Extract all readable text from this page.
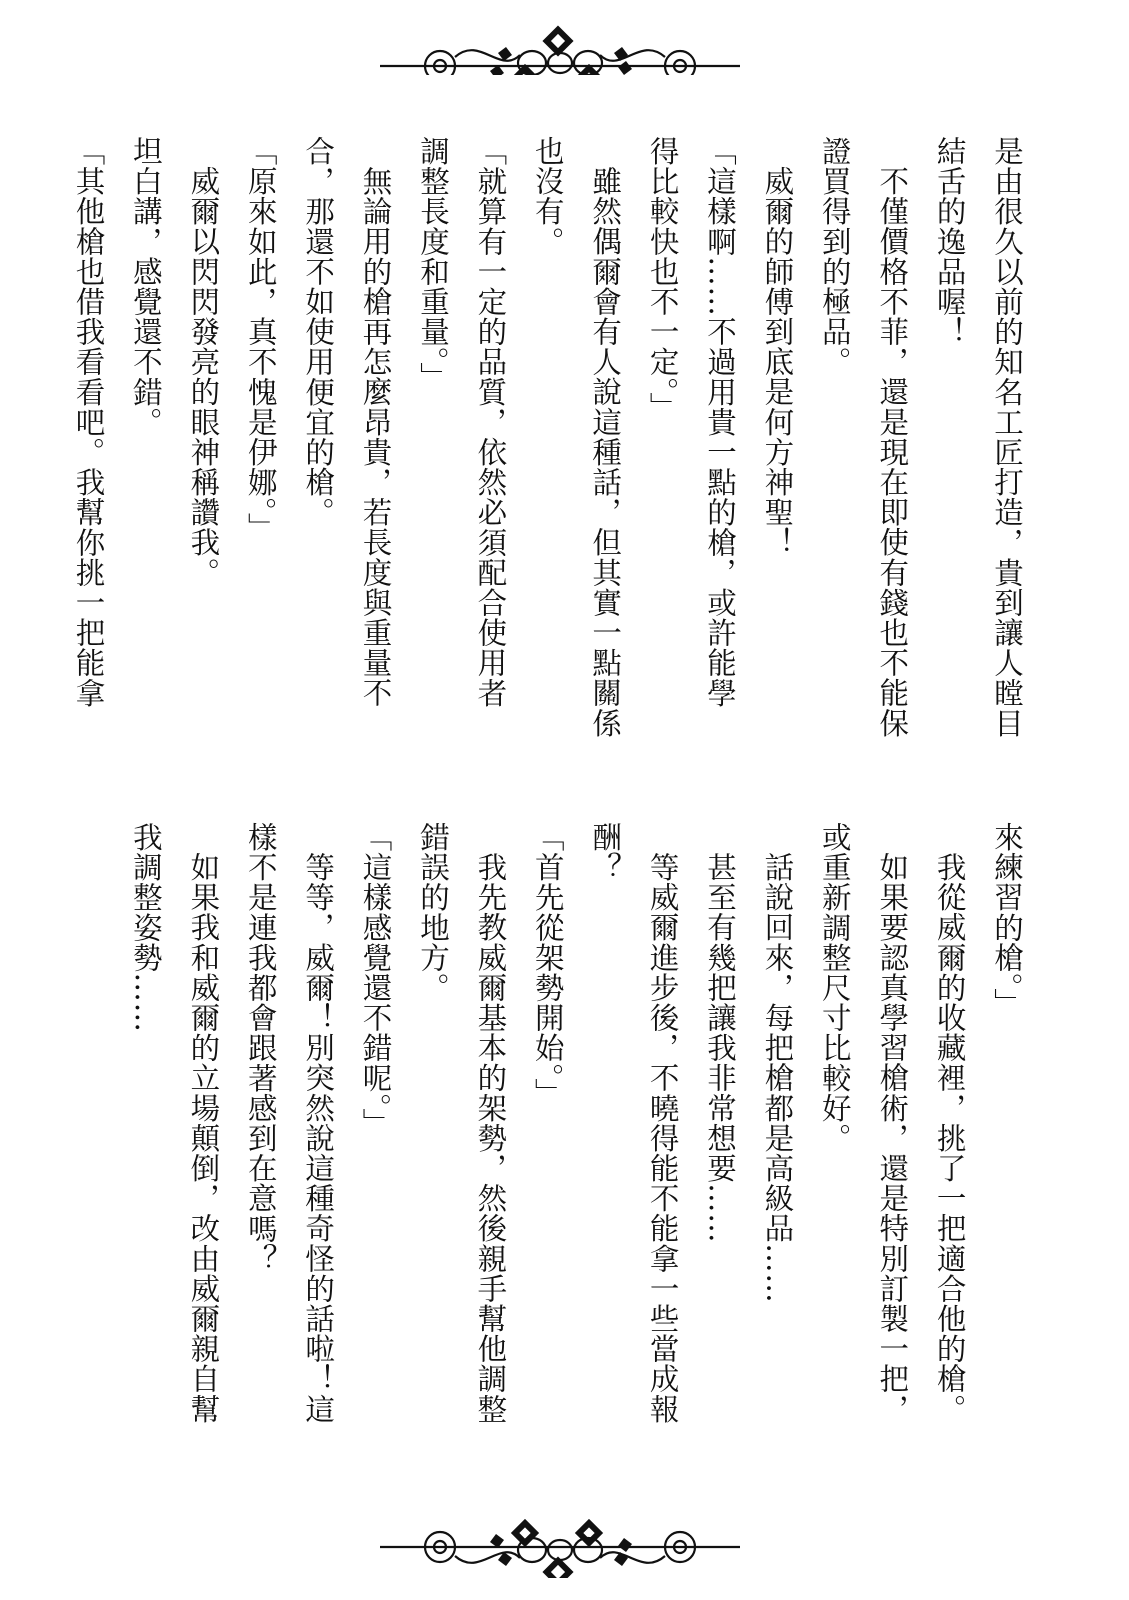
是由很久以前的知名工匠打造，貴到讓人瞠目
結舌的逸品喔！
不僅價格不菲，還是現在即使有錢也不能保
證買得到的極品。
威爾的師傅到底是何方神聖！
「這樣啊……不過用貴一點的槍，或許能學
得比較快也不一定。」
雖然偶爾會有人說這種話，但其實一點關係
也沒有。
「就算有一定的品質，依然必須配合使用者
調整長度和重量。」
無論用的槍再怎麼昂貴，若長度與重量不
合，那還不如使用便宜的槍。
「原來如此，真不愧是伊娜。」
威爾以閃閃發亮的眼神稱讚我。
坦白講，感覺還不錯。
「其他槍也借我看看吧。我幫你挑一把能拿
來練習的槍。」
我從威爾的收藏裡，挑了一把適合他的槍。
如果要認真學習槍術，還是特別訂製一把，
或重新調整尺寸比較好。
話說回來，每把槍都是高級品……
甚至有幾把讓我非常想要……
等威爾進步後，不曉得能不能拿一些當成報
酬？
「首先從架勢開始。」
我先教威爾基本的架勢，然後親手幫他調整
錯誤的地方。
「這樣感覺還不錯呢。」
等等，威爾！別突然說這種奇怪的話啦！這
樣不是連我都會跟著感到在意嗎？
如果我和威爾的立場顛倒，改由威爾親自幫
我調整姿勢……
